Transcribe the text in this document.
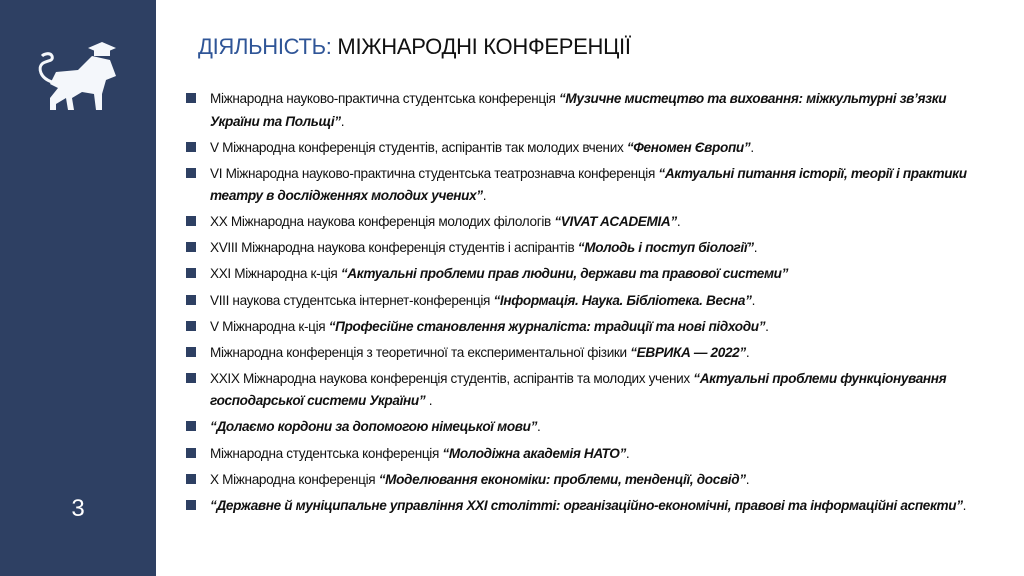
3
ДІЯЛЬНІСТЬ: МІЖНАРОДНІ КОНФЕРЕНЦІЇ
Міжнародна науково-практична студентська конференція “Музичне мистецтво та виховання: міжкультурні зв’язки України та Польщі”.
V Міжнародна конференція студентів, аспірантів так молодих вчених “Феномен Європи”.
VI Міжнародна науково-практична студентська театрознавча конференція “Актуальні питання історії, теорії і практики театру в дослідженнях молодих учених”.
XX Міжнародна наукова конференція молодих філологів “VIVAT ACADEMIA”.
XVIII Міжнародна наукова конференція студентів і аспірантів “Молодь і поступ біології”.
XXI Міжнародна к-ція “Актуальні проблеми прав людини, держави та правової системи”
VIII наукова студентська інтернет-конференція “Інформація. Наука. Бібліотека. Весна”.
V Міжнародна к-ція “Професійне становлення журналіста: традиції та нові підходи”.
Міжнародна конференція з теоретичної та експериментальної фізики “ЕВРИКА — 2022”.
XXIX Міжнародна наукова конференція студентів, аспірантів та молодих учених “Актуальні проблеми функціонування господарської системи України” .
“Долаємо кордони за допомогою німецької мови”.
Міжнародна студентська конференція “Молодіжна академія НАТО”.
X Міжнародна конференція “Моделювання економіки: проблеми, тенденції, досвід”.
“Державне й муніципальне управління XXI столітті: організаційно-економічні, правові та інформаційні аспекти”.
